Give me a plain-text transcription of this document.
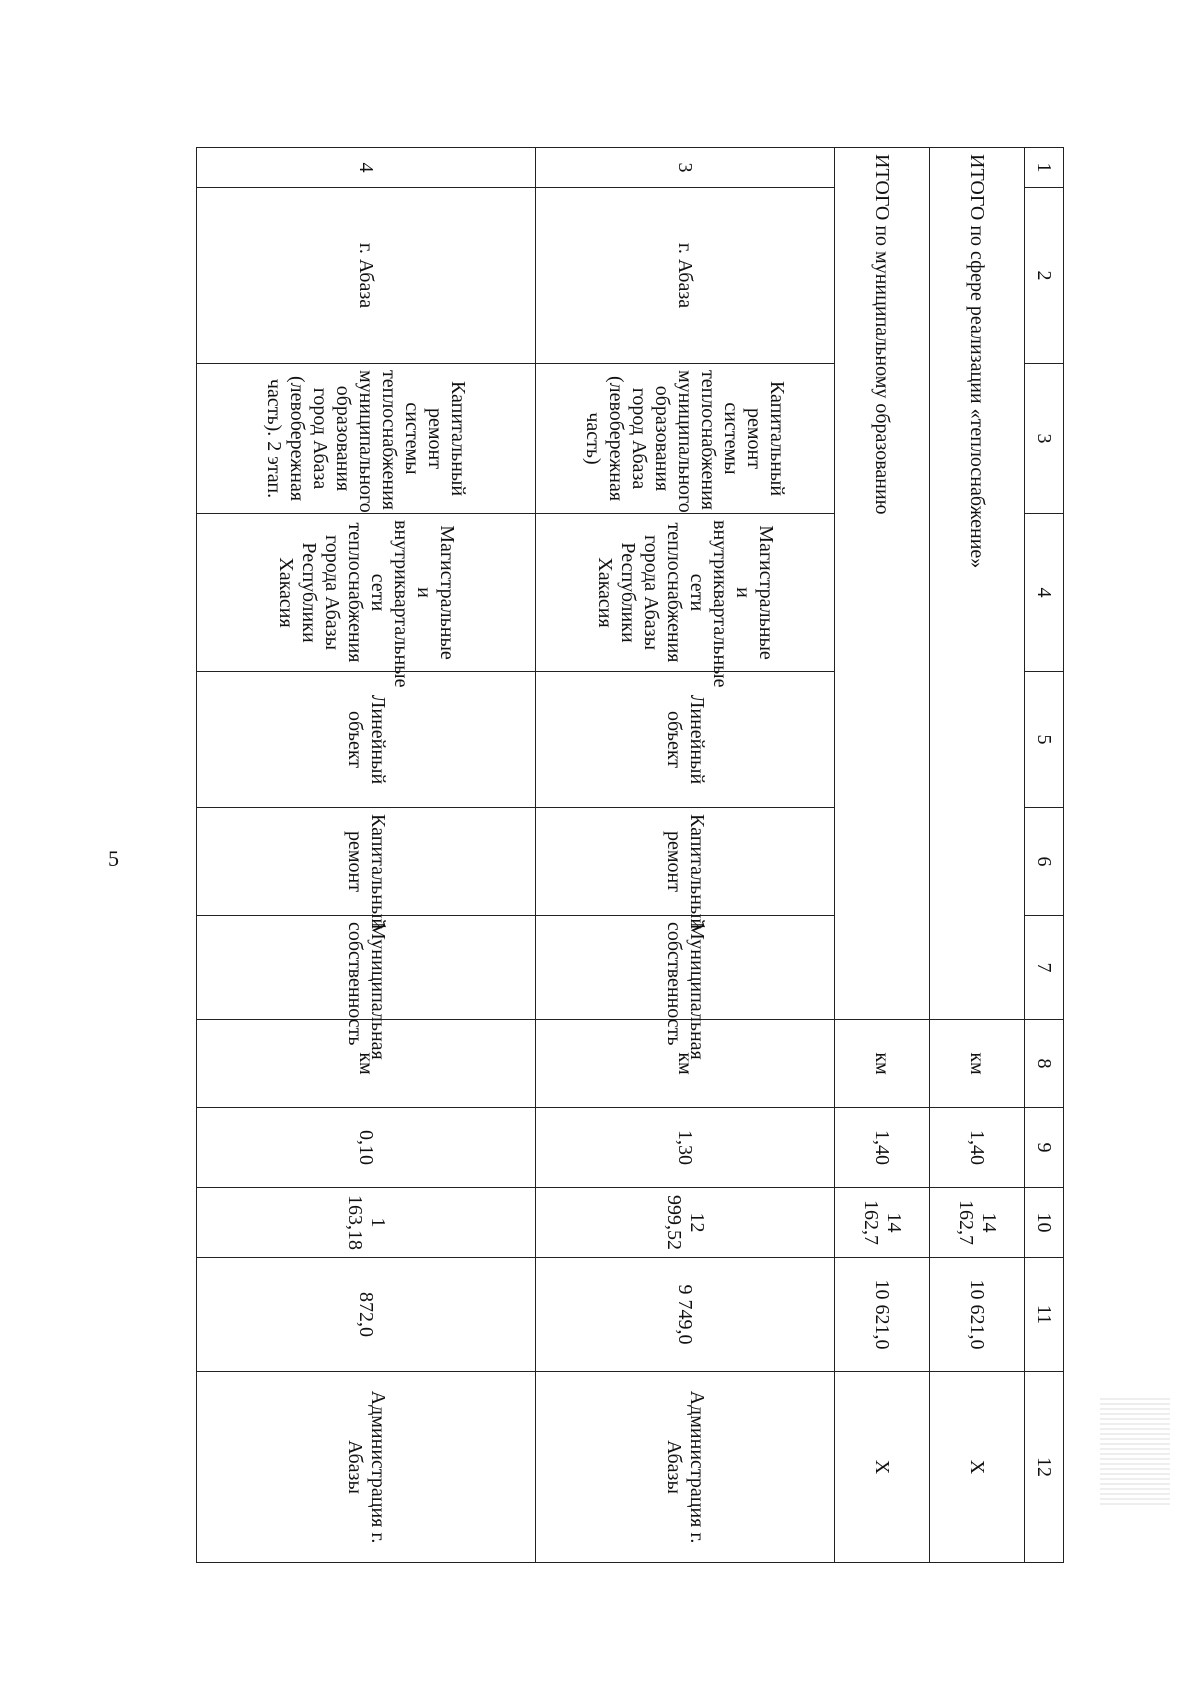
5
1	2	3	4	5	6	7	8	9	10	11	12
ИТОГО по сфере реализации «теплоснабжение»							км	1,40	14 162,7	10 621,0	Х
ИТОГО по муниципальному образованию							км	1,40	14 162,7	10 621,0	Х
3	г. Абаза	Капитальный ремонт системы теплоснабжения муниципального образования город Абаза (левобережная часть)	Магистральные и внутриквартальные сети теплоснабжения города Абазы Республики Хакасия	Линейный объект	Капитальный ремонт	Муниципальная собственность	км	1,30	12 999,52	9 749,0	Администрация г. Абазы
4	г. Абаза	Капитальный ремонт системы теплоснабжения муниципального образования город Абаза (левобережная часть). 2 этап.	Магистральные и внутриквартальные сети теплоснабжения города Абазы Республики Хакасия	Линейный объект	Капитальный ремонт	Муниципальная собственность	км	0,10	1 163,18	872,0	Администрация г. Абазы
